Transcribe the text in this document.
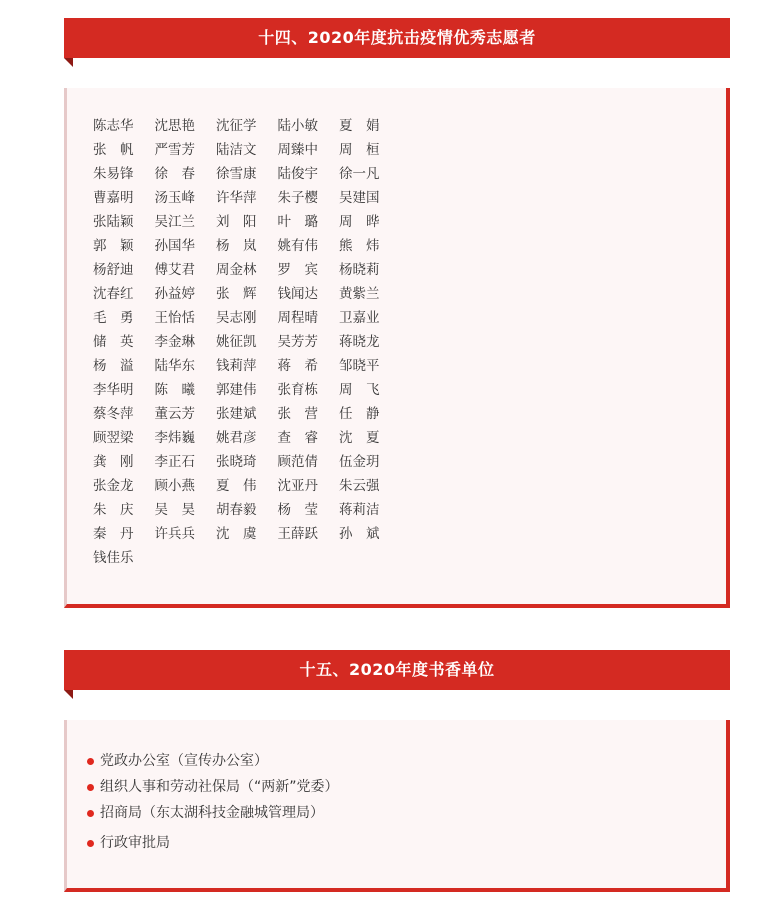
十四、2020年度抗击疫情优秀志愿者
陈志华	沈思艳	沈征学	陆小敏	夏　娟
张　帆	严雪芳	陆洁文	周臻中	周　桓
朱易锋	徐　春	徐雪康	陆俊宇	徐一凡
曹嘉明	汤玉峰	许华萍	朱子樱	吴建国
张陆颖	吴江兰	刘　阳	叶　璐	周　晔
郭　颖	孙国华	杨　岚	姚有伟	熊　炜
杨舒迪	傅艾君	周金林	罗　宾	杨晓莉
沈春红	孙益婷	张　辉	钱闻达	黄紫兰
毛　勇	王怡恬	吴志刚	周程晴	卫嘉业
储　英	李金琳	姚征凯	吴芳芳	蒋晓龙
杨　溢	陆华东	钱莉萍	蒋　希	邹晓平
李华明	陈　曦	郭建伟	张育栋	周　飞
蔡冬萍	董云芳	张建斌	张　营	任　静
顾翌梁	李炜巍	姚君彦	查　睿	沈　夏
龚　刚	李正石	张晓琦	顾范倩	伍金玥
张金龙	顾小燕	夏　伟	沈亚丹	朱云强
朱　庆	吴　昊	胡春毅	杨　莹	蒋莉洁
秦　丹	许兵兵	沈　虞	王薛跃	孙　斌
钱佳乐
十五、2020年度书香单位
党政办公室（宣传办公室）
组织人事和劳动社保局（“两新”党委）
招商局（东太湖科技金融城管理局）
行政审批局
